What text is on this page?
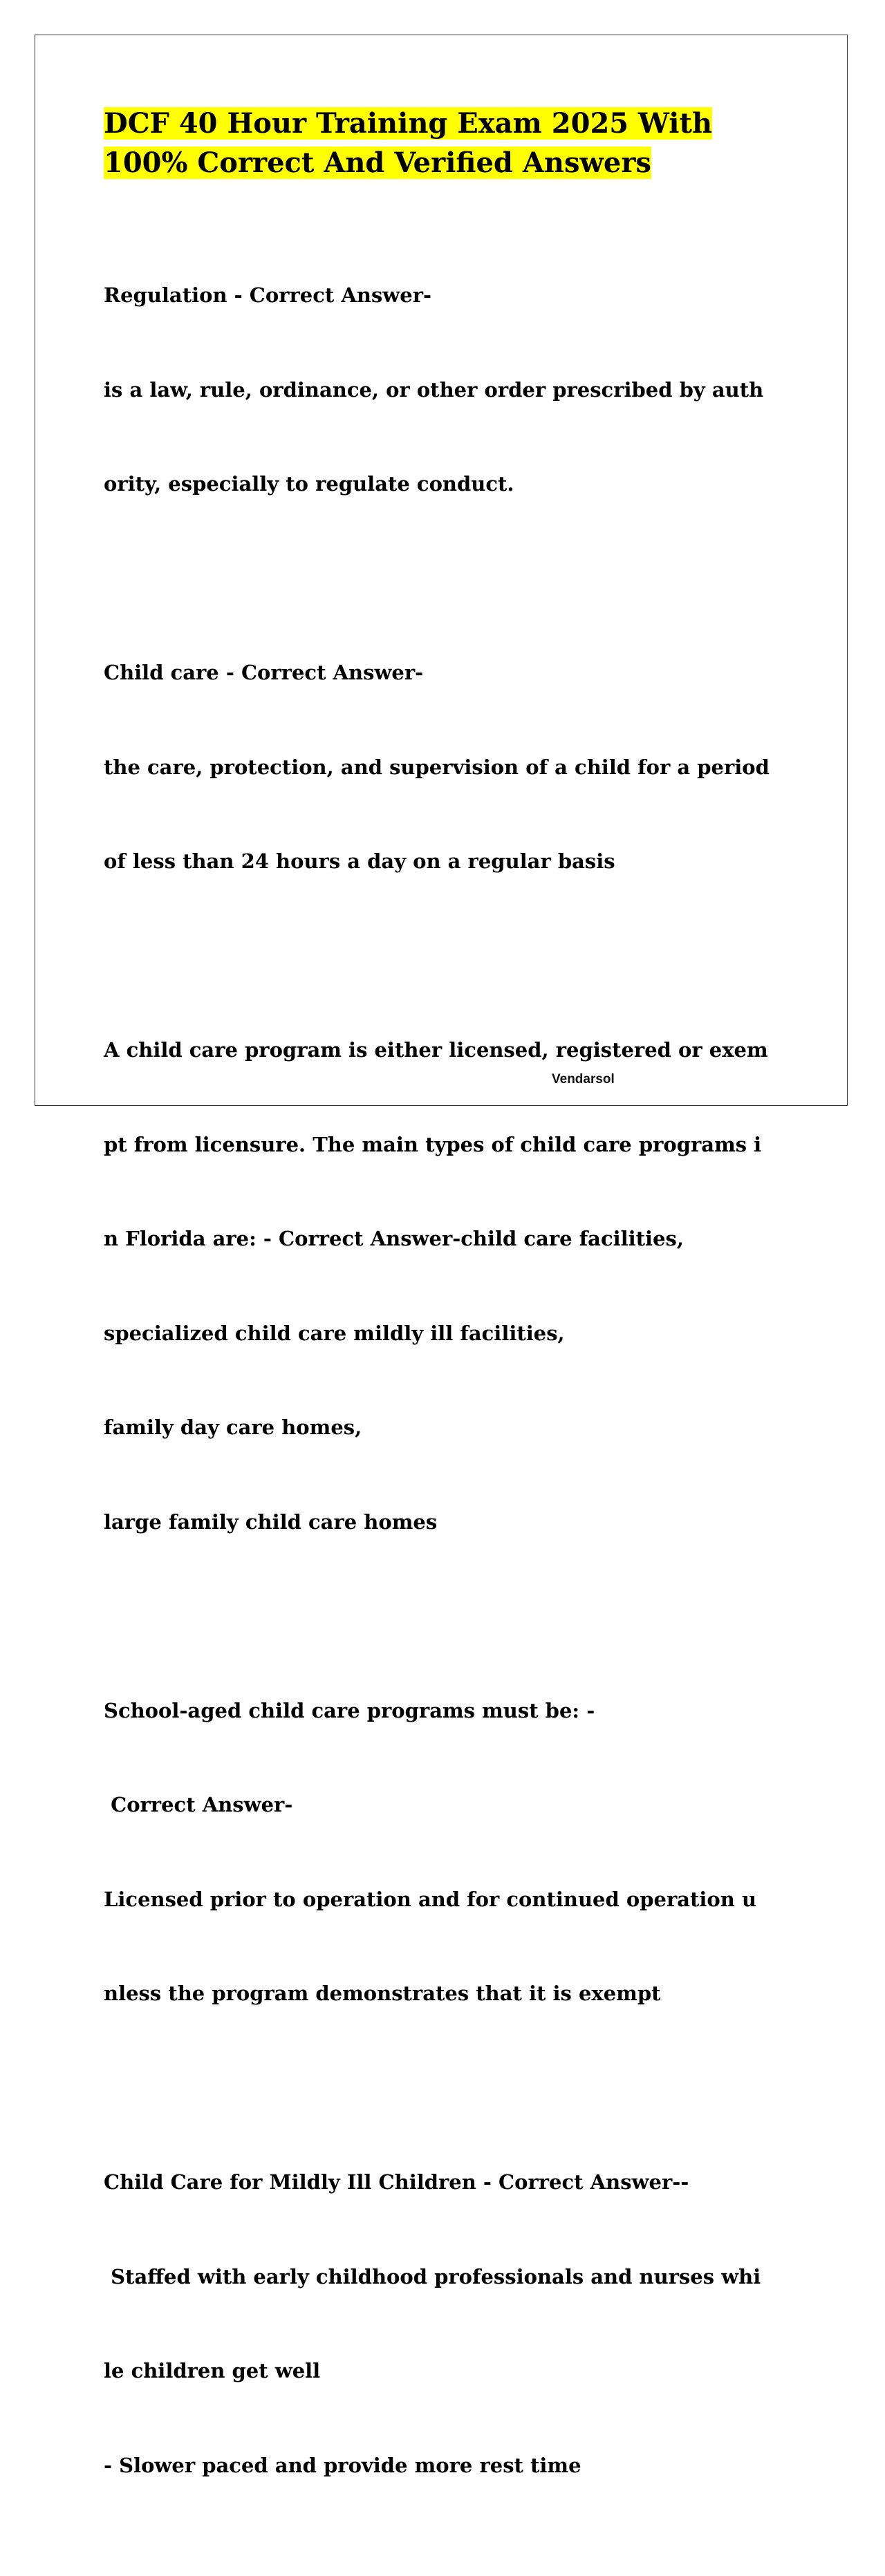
DCF 40 Hour Training Exam 2025 With
100% Correct And Verified Answers

Regulation - Correct Answer-

is a law, rule, ordinance, or other order prescribed by auth

ority, especially to regulate conduct.

Child care - Correct Answer-

the care, protection, and supervision of a child for a period

of less than 24 hours a day on a regular basis

A child care program is either licensed, registered or exem

pt from licensure. The main types of child care programs i

n Florida are: - Correct Answer-child care facilities,

specialized child care mildly ill facilities,

family day care homes,

large family child care homes

School-aged child care programs must be: -

Correct Answer-

Licensed prior to operation and for continued operation u

nless the program demonstrates that it is exempt

Child Care for Mildly Ill Children - Correct Answer--

Staffed with early childhood professionals and nurses whi

le children get well

- Slower paced and provide more rest time

Vendarsol
